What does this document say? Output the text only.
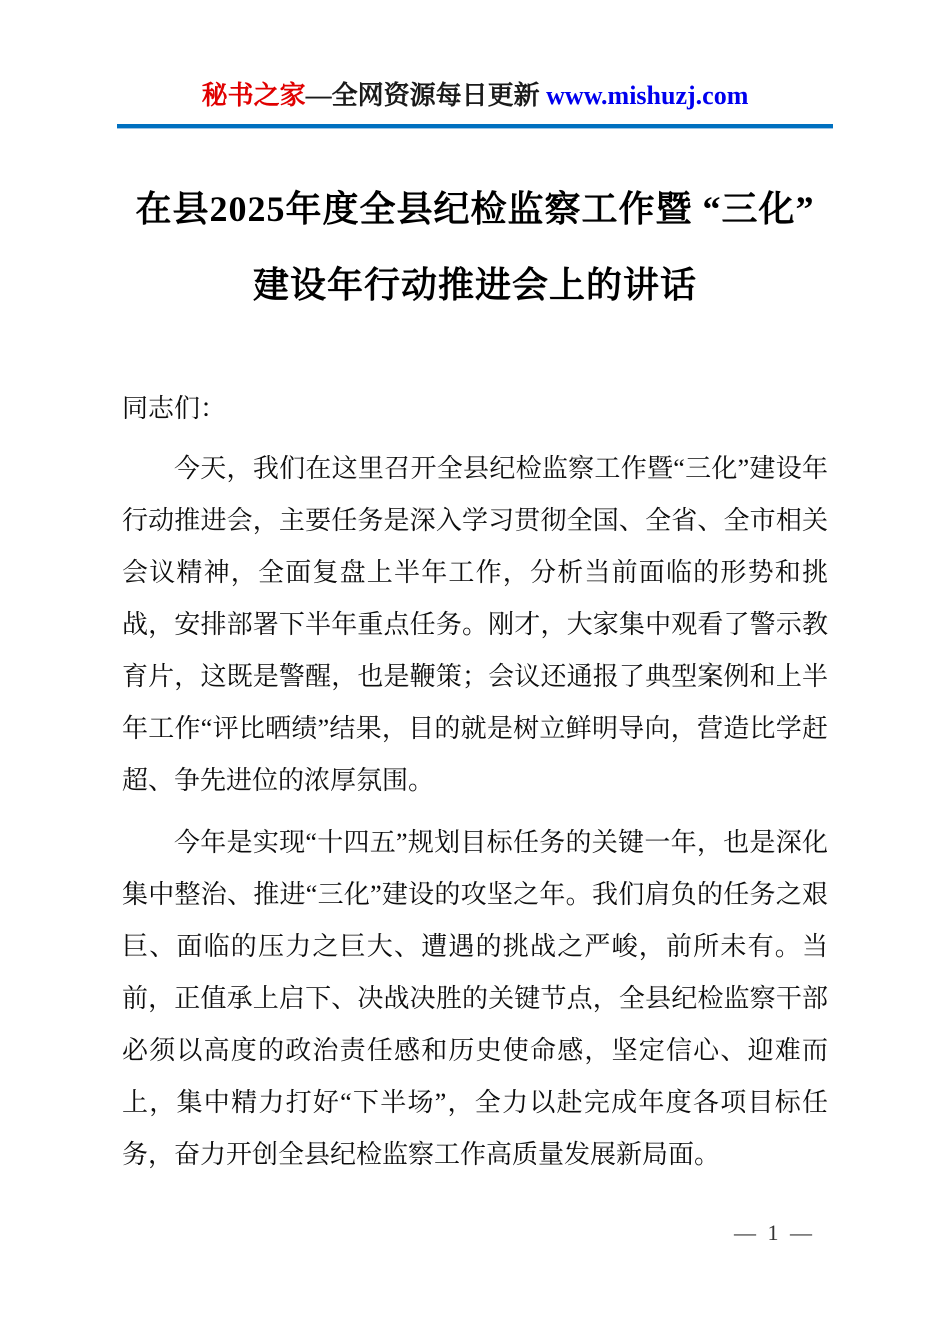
秘书之家—全网资源每日更新 www.mishuzj.com
在县2025年度全县纪检监察工作暨 “三化”
建设年行动推进会上的讲话

同志们：

今天，我们在这里召开全县纪检监察工作暨“三化”建设年行动推进会，主要任务是深入学习贯彻全国、全省、全市相关会议精神，全面复盘上半年工作，分析当前面临的形势和挑战，安排部署下半年重点任务。刚才，大家集中观看了警示教育片，这既是警醒，也是鞭策；会议还通报了典型案例和上半年工作“评比晒绩”结果，目的就是树立鲜明导向，营造比学赶超、争先进位的浓厚氛围。

今年是实现“十四五”规划目标任务的关键一年，也是深化集中整治、推进“三化”建设的攻坚之年。我们肩负的任务之艰巨、面临的压力之巨大、遭遇的挑战之严峻，前所未有。当前，正值承上启下、决战决胜的关键节点，全县纪检监察干部必须以高度的政治责任感和历史使命感，坚定信心、迎难而上，集中精力打好“下半场”，全力以赴完成年度各项目标任务，奋力开创全县纪检监察工作高质量发展新局面。

— 1 —
